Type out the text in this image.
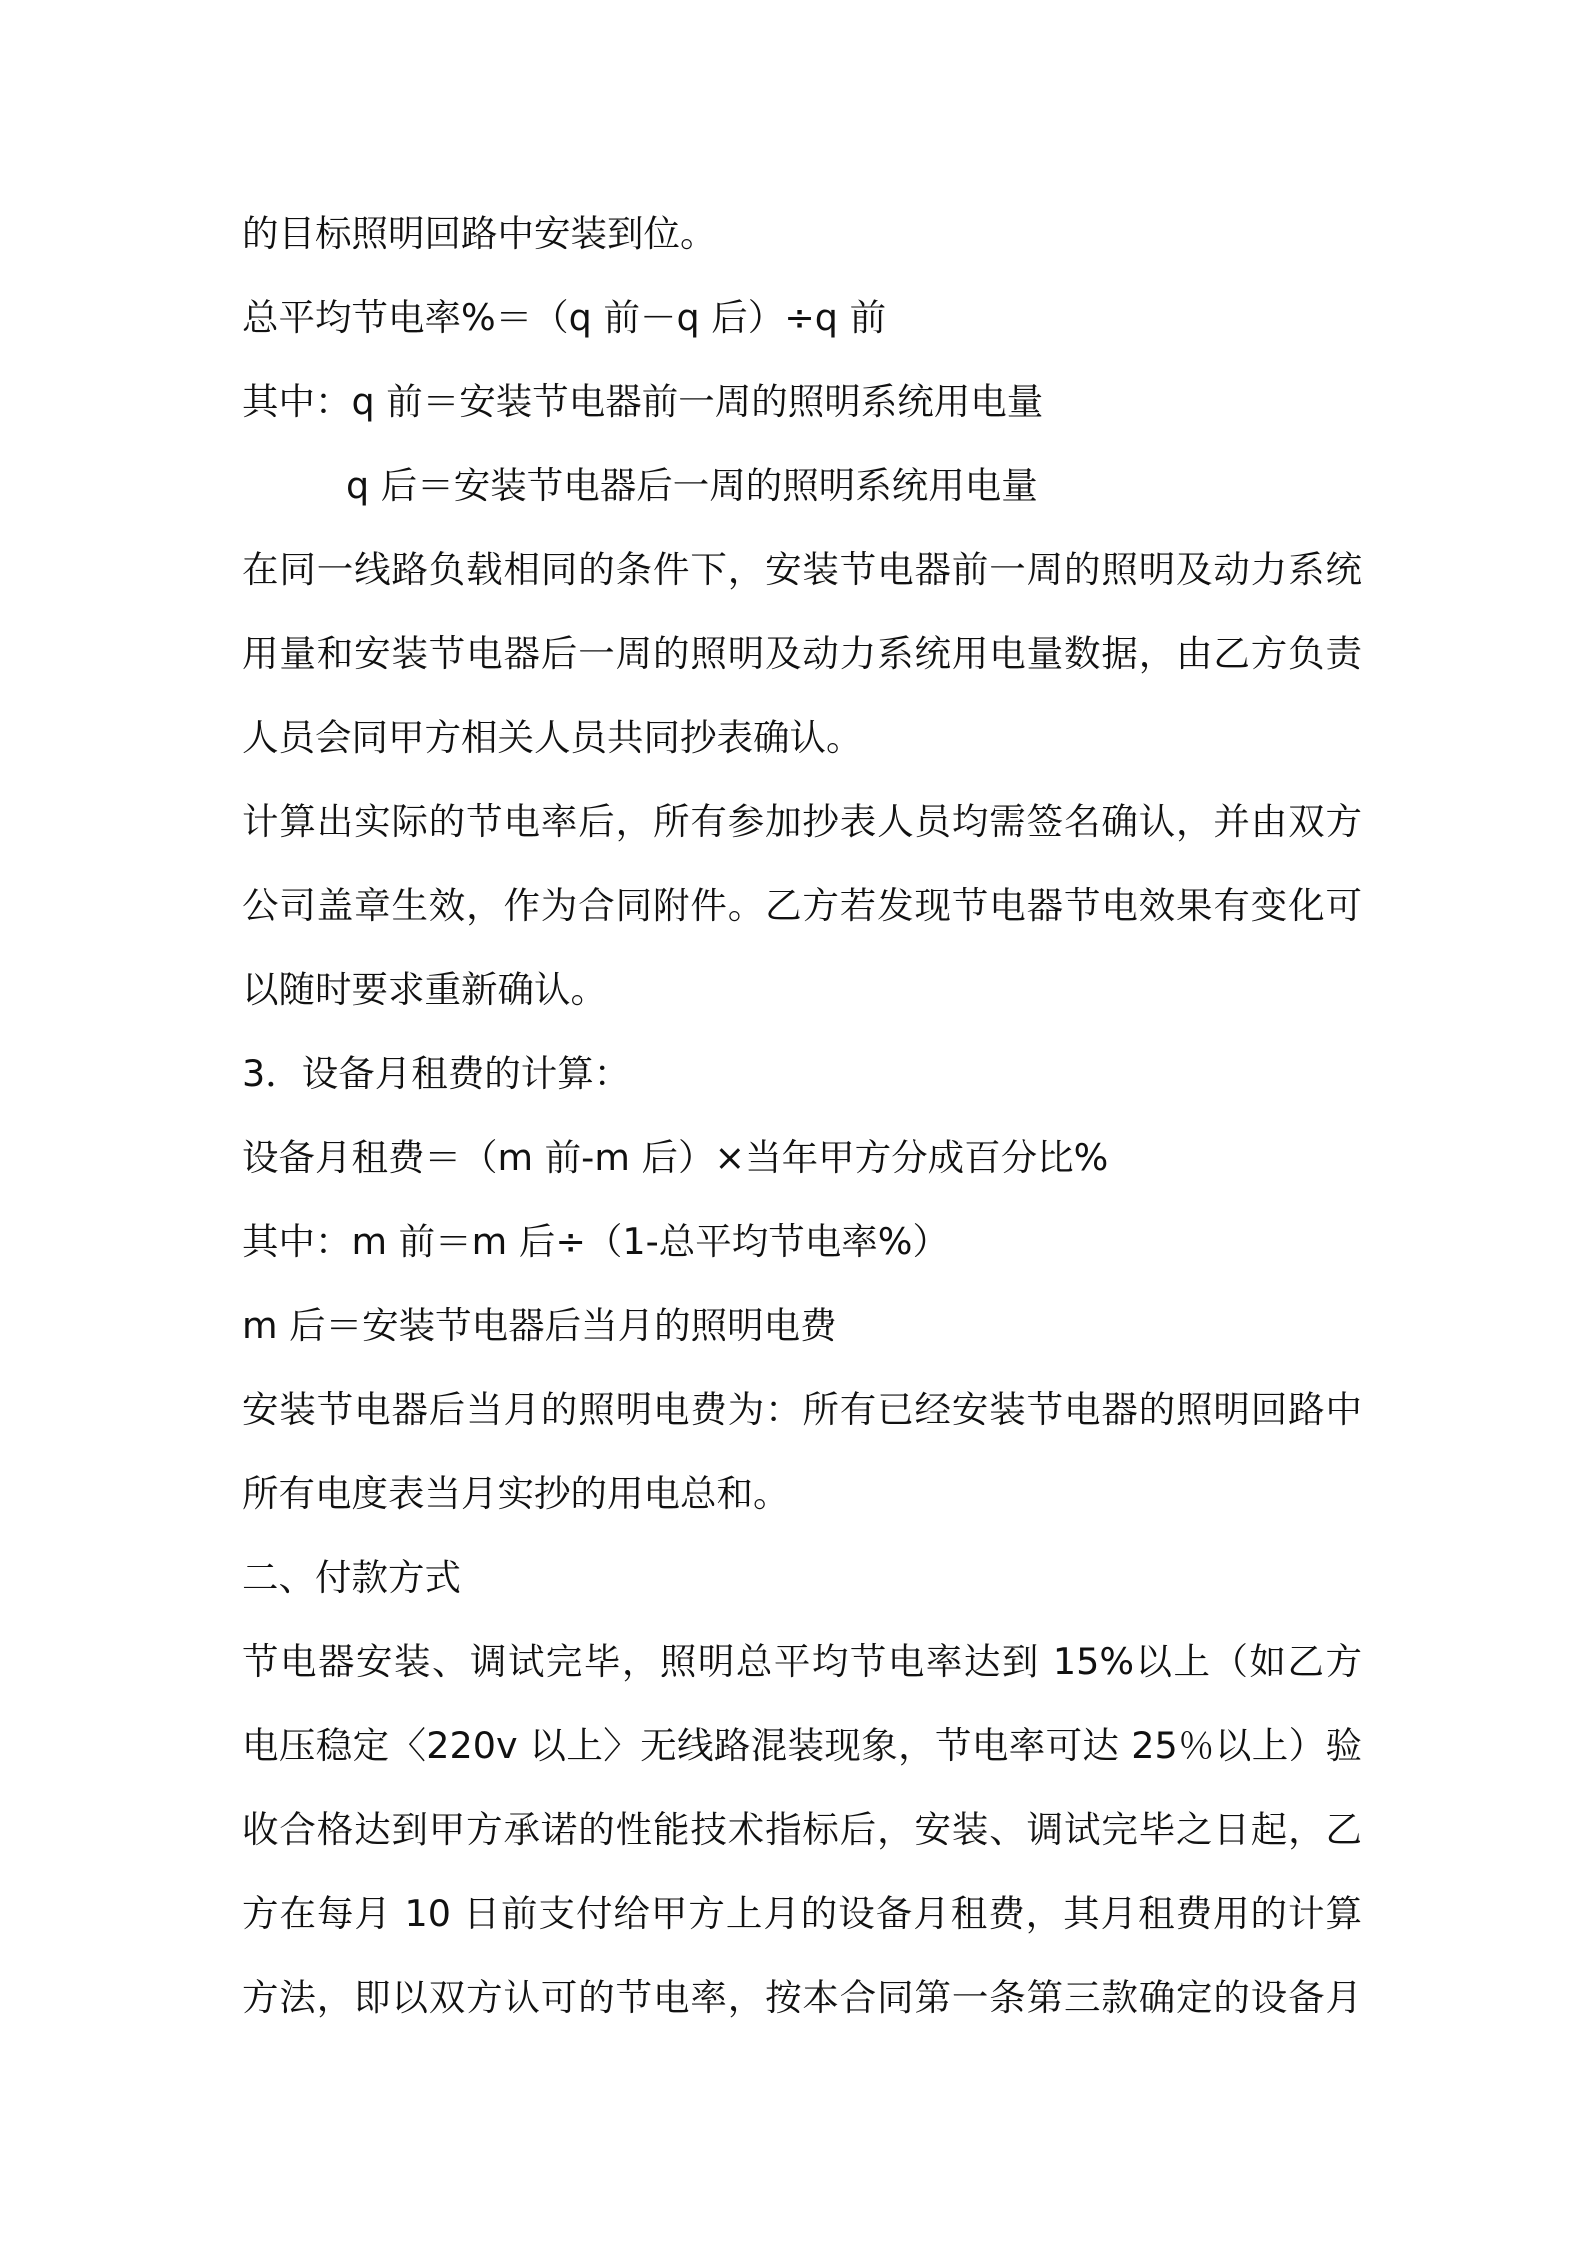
的目标照明回路中安装到位。
总平均节电率%＝（q 前－q 后）÷q 前
其中：q 前＝安装节电器前一周的照明系统用电量
q 后＝安装节电器后一周的照明系统用电量
在同一线路负载相同的条件下，安装节电器前一周的照明及动力系统
用量和安装节电器后一周的照明及动力系统用电量数据，由乙方负责
人员会同甲方相关人员共同抄表确认。
计算出实际的节电率后，所有参加抄表人员均需签名确认，并由双方
公司盖章生效，作为合同附件。乙方若发现节电器节电效果有变化可
以随时要求重新确认。
3．设备月租费的计算：
设备月租费＝（m 前-m 后）×当年甲方分成百分比%
其中：m 前＝m 后÷（1-总平均节电率%）
m 后＝安装节电器后当月的照明电费
安装节电器后当月的照明电费为：所有已经安装节电器的照明回路中
所有电度表当月实抄的用电总和。
二、付款方式
节电器安装、调试完毕，照明总平均节电率达到 15%以上（如乙方
电压稳定〈220v 以上〉无线路混装现象，节电率可达 25％以上）验
收合格达到甲方承诺的性能技术指标后，安装、调试完毕之日起，乙
方在每月 10 日前支付给甲方上月的设备月租费，其月租费用的计算
方法，即以双方认可的节电率，按本合同第一条第三款确定的设备月
